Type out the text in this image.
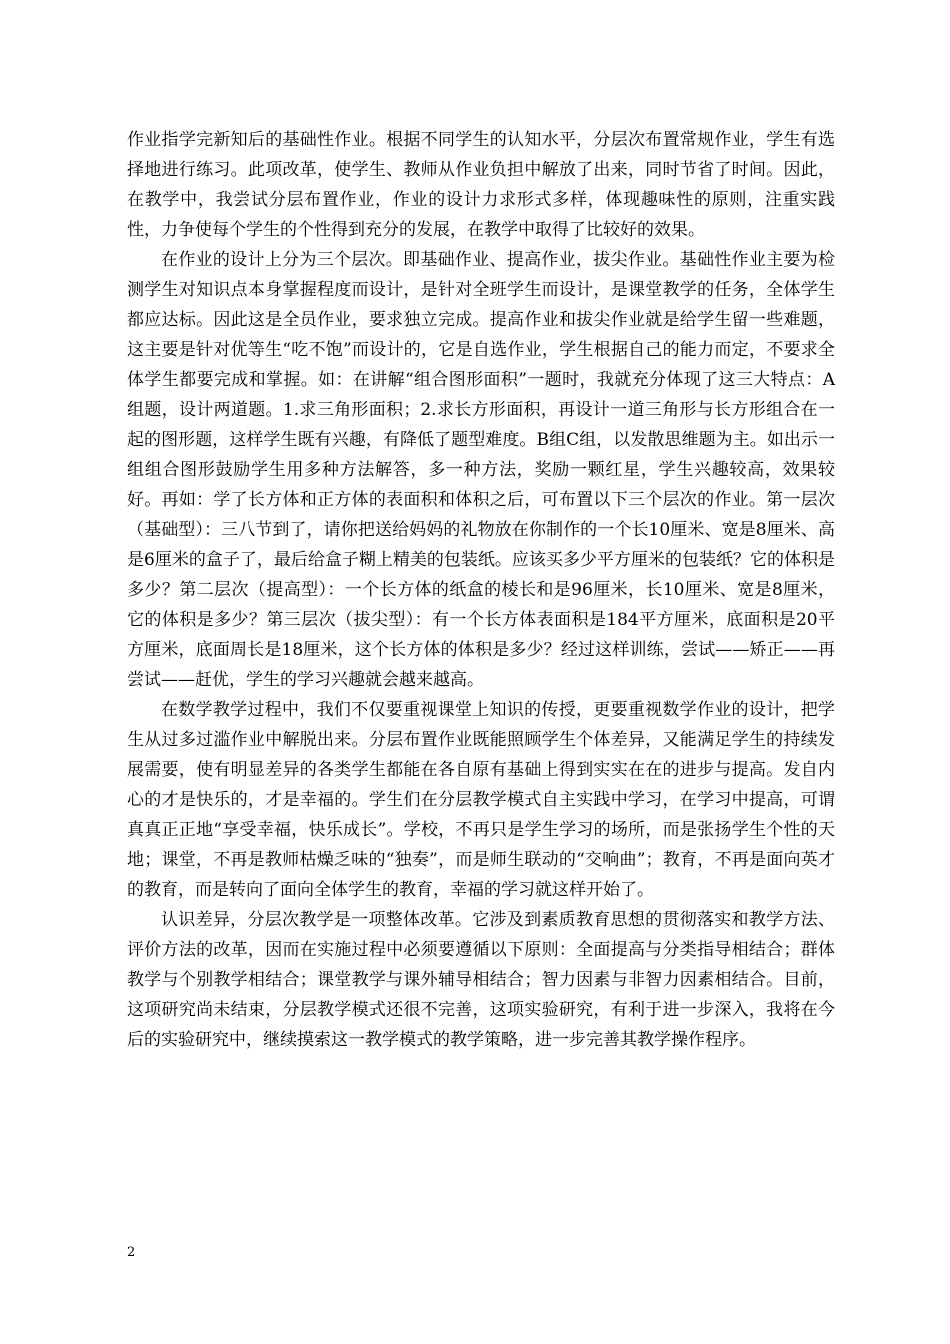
作业指学完新知后的基础性作业。根据不同学生的认知水平，分层次布置常规作业，学生有选择地进行练习。此项改革，使学生、教师从作业负担中解放了出来，同时节省了时间。因此，在教学中，我尝试分层布置作业，作业的设计力求形式多样，体现趣味性的原则，注重实践性，力争使每个学生的个性得到充分的发展，在教学中取得了比较好的效果。

在作业的设计上分为三个层次。即基础作业、提高作业，拔尖作业。基础性作业主要为检测学生对知识点本身掌握程度而设计，是针对全班学生而设计，是课堂教学的任务，全体学生都应达标。因此这是全员作业，要求独立完成。提高作业和拔尖作业就是给学生留一些难题，这主要是针对优等生“吃不饱”而设计的，它是自选作业，学生根据自己的能力而定，不要求全体学生都要完成和掌握。如：在讲解“组合图形面积”一题时，我就充分体现了这三大特点：A组题，设计两道题。1.求三角形面积；2.求长方形面积，再设计一道三角形与长方形组合在一起的图形题，这样学生既有兴趣，有降低了题型难度。B组C组，以发散思维题为主。如出示一组组合图形鼓励学生用多种方法解答，多一种方法，奖励一颗红星，学生兴趣较高，效果较好。再如：学了长方体和正方体的表面积和体积之后，可布置以下三个层次的作业。第一层次（基础型）：三八节到了，请你把送给妈妈的礼物放在你制作的一个长10厘米、宽是8厘米、高是6厘米的盒子了，最后给盒子糊上精美的包装纸。应该买多少平方厘米的包装纸？它的体积是多少？第二层次（提高型）：一个长方体的纸盒的棱长和是96厘米，长10厘米、宽是8厘米，它的体积是多少？第三层次（拔尖型）：有一个长方体表面积是184平方厘米，底面积是20平方厘米，底面周长是18厘米，这个长方体的体积是多少？经过这样训练，尝试——矫正——再尝试——赶优，学生的学习兴趣就会越来越高。

在数学教学过程中，我们不仅要重视课堂上知识的传授，更要重视数学作业的设计，把学生从过多过滥作业中解脱出来。分层布置作业既能照顾学生个体差异，又能满足学生的持续发展需要，使有明显差异的各类学生都能在各自原有基础上得到实实在在的进步与提高。发自内心的才是快乐的，才是幸福的。学生们在分层教学模式自主实践中学习，在学习中提高，可谓真真正正地“享受幸福，快乐成长”。学校，不再只是学生学习的场所，而是张扬学生个性的天地；课堂，不再是教师枯燥乏味的“独奏”，而是师生联动的“交响曲”；教育，不再是面向英才的教育，而是转向了面向全体学生的教育，幸福的学习就这样开始了。

认识差异，分层次教学是一项整体改革。它涉及到素质教育思想的贯彻落实和教学方法、评价方法的改革，因而在实施过程中必须要遵循以下原则：全面提高与分类指导相结合；群体教学与个别教学相结合；课堂教学与课外辅导相结合；智力因素与非智力因素相结合。目前，这项研究尚未结束，分层教学模式还很不完善，这项实验研究，有利于进一步深入，我将在今后的实验研究中，继续摸索这一教学模式的教学策略，进一步完善其教学操作程序。

2
